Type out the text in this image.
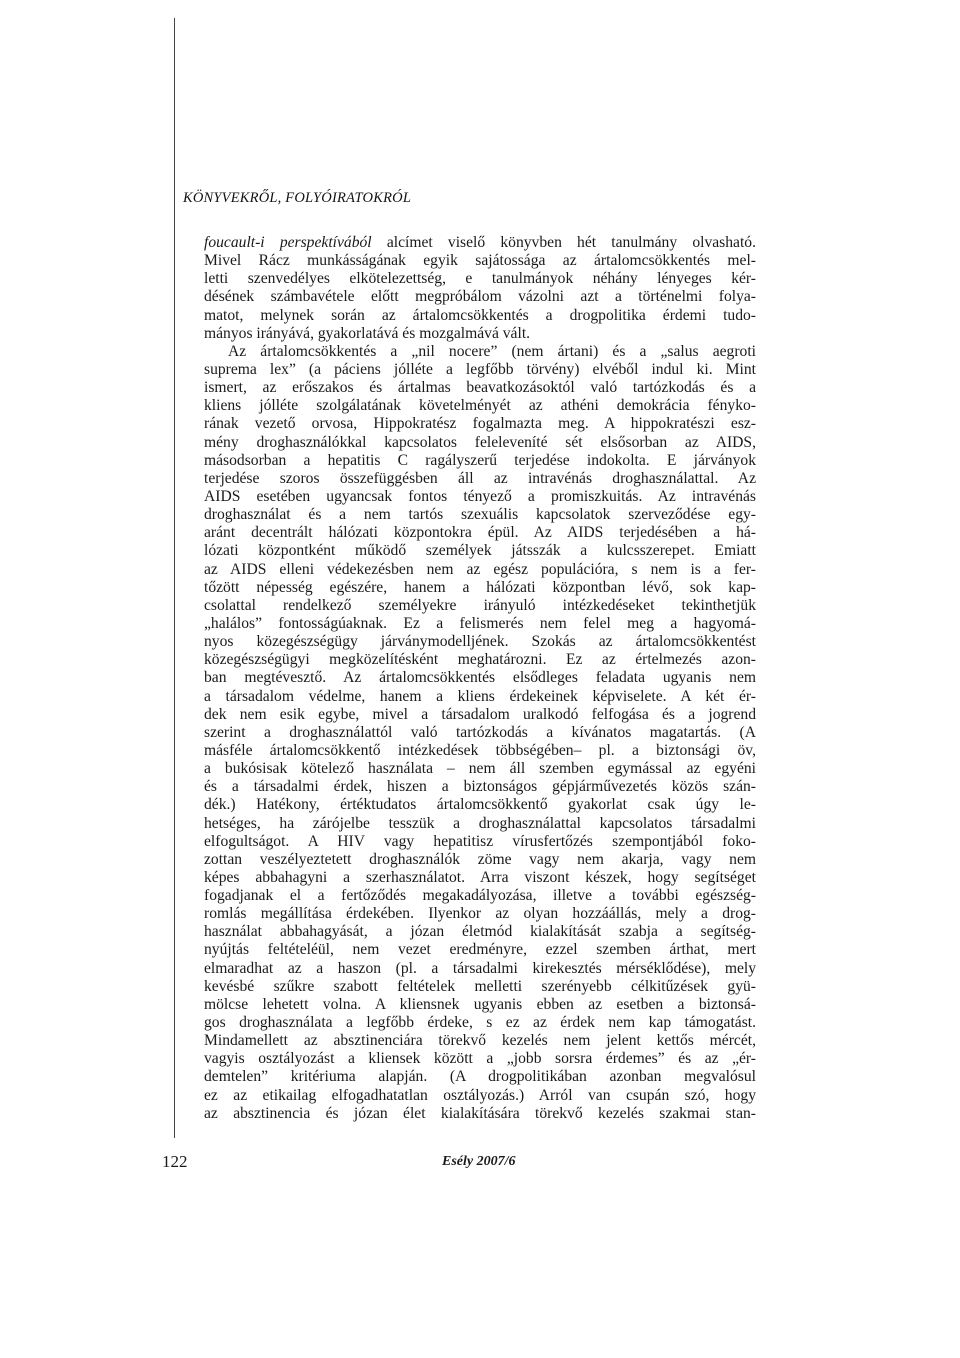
KÖNYVEKRŐL, FOLYÓIRATOKRÓL
foucault-i perspektívából alcímet viselő könyvben hét tanulmány olvasható.
Mivel Rácz munkásságának egyik sajátossága az ártalomcsökkentés mel-
letti szenvedélyes elkötelezettség, e tanulmányok néhány lényeges kér-
désének számbavétele előtt megpróbálom vázolni azt a történelmi folya-
matot, melynek során az ártalomcsökkentés a drogpolitika érdemi tudo-
mányos irányává, gyakorlatává és mozgalmává vált.
Az ártalomcsökkentés a „nil nocere” (nem ártani) és a „salus aegroti
suprema lex” (a páciens jólléte a legfőbb törvény) elvéből indul ki. Mint
ismert, az erőszakos és ártalmas beavatkozásoktól való tartózkodás és a
kliens jólléte szolgálatának követelményét az athéni demokrácia fényko-
rának vezető orvosa, Hippokratész fogalmazta meg. A hippokratészi esz-
mény droghasználókkal kapcsolatos feleleveníté sét elsősorban az AIDS,
másodsorban a hepatitis C ragályszerű terjedése indokolta. E járványok
terjedése szoros összefüggésben áll az intravénás droghasználattal. Az
AIDS esetében ugyancsak fontos tényező a promiszkuitás. Az intravénás
droghasználat és a nem tartós szexuális kapcsolatok szerveződése egy-
aránt decentrált hálózati központokra épül. Az AIDS terjedésében a há-
lózati központként működő személyek játsszák a kulcsszerepet. Emiatt
az AIDS elleni védekezésben nem az egész populációra, s nem is a fer-
tőzött népesség egészére, hanem a hálózati központban lévő, sok kap-
csolattal rendelkező személyekre irányuló intézkedéseket tekinthetjük
„halálos” fontosságúaknak. Ez a felismerés nem felel meg a hagyomá-
nyos közegészségügy járványmodelljének. Szokás az ártalomcsökkentést
közegészségügyi megközelítésként meghatározni. Ez az értelmezés azon-
ban megtévesztő. Az ártalomcsökkentés elsődleges feladata ugyanis nem
a társadalom védelme, hanem a kliens érdekeinek képviselete. A két ér-
dek nem esik egybe, mivel a társadalom uralkodó felfogása és a jogrend
szerint a droghasználattól való tartózkodás a kívánatos magatartás. (A
másféle ártalomcsökkentő intézkedések többségében– pl. a biztonsági öv,
a bukósisak kötelező használata – nem áll szemben egymással az egyéni
és a társadalmi érdek, hiszen a biztonságos gépjárművezetés közös szán-
dék.) Hatékony, értéktudatos ártalomcsökkentő gyakorlat csak úgy le-
hetséges, ha zárójelbe tesszük a droghasználattal kapcsolatos társadalmi
elfogultságot. A HIV vagy hepatitisz vírusfertőzés szempontjából foko-
zottan veszélyeztetett droghasználók zöme vagy nem akarja, vagy nem
képes abbahagyni a szerhasználatot. Arra viszont készek, hogy segítséget
fogadjanak el a fertőződés megakadályozása, illetve a további egészség-
romlás megállítása érdekében. Ilyenkor az olyan hozzáállás, mely a drog-
használat abbahagyását, a józan életmód kialakítását szabja a segítség-
nyújtás feltételéül, nem vezet eredményre, ezzel szemben árthat, mert
elmaradhat az a haszon (pl. a társadalmi kirekesztés mérséklődése), mely
kevésbé szűkre szabott feltételek melletti szerényebb célkitűzések gyü-
mölcse lehetett volna. A kliensnek ugyanis ebben az esetben a biztonsá-
gos droghasználata a legfőbb érdeke, s ez az érdek nem kap támogatást.
Mindamellett az absztinenciára törekvő kezelés nem jelent kettős mércét,
vagyis osztályozást a kliensek között a „jobb sorsra érdemes” és az „ér-
demtelen” kritériuma alapján. (A drogpolitikában azonban megvalósul
ez az etikailag elfogadhatatlan osztályozás.) Arról van csupán szó, hogy
az absztinencia és józan élet kialakítására törekvő kezelés szakmai stan-
122	Esély 2007/6
